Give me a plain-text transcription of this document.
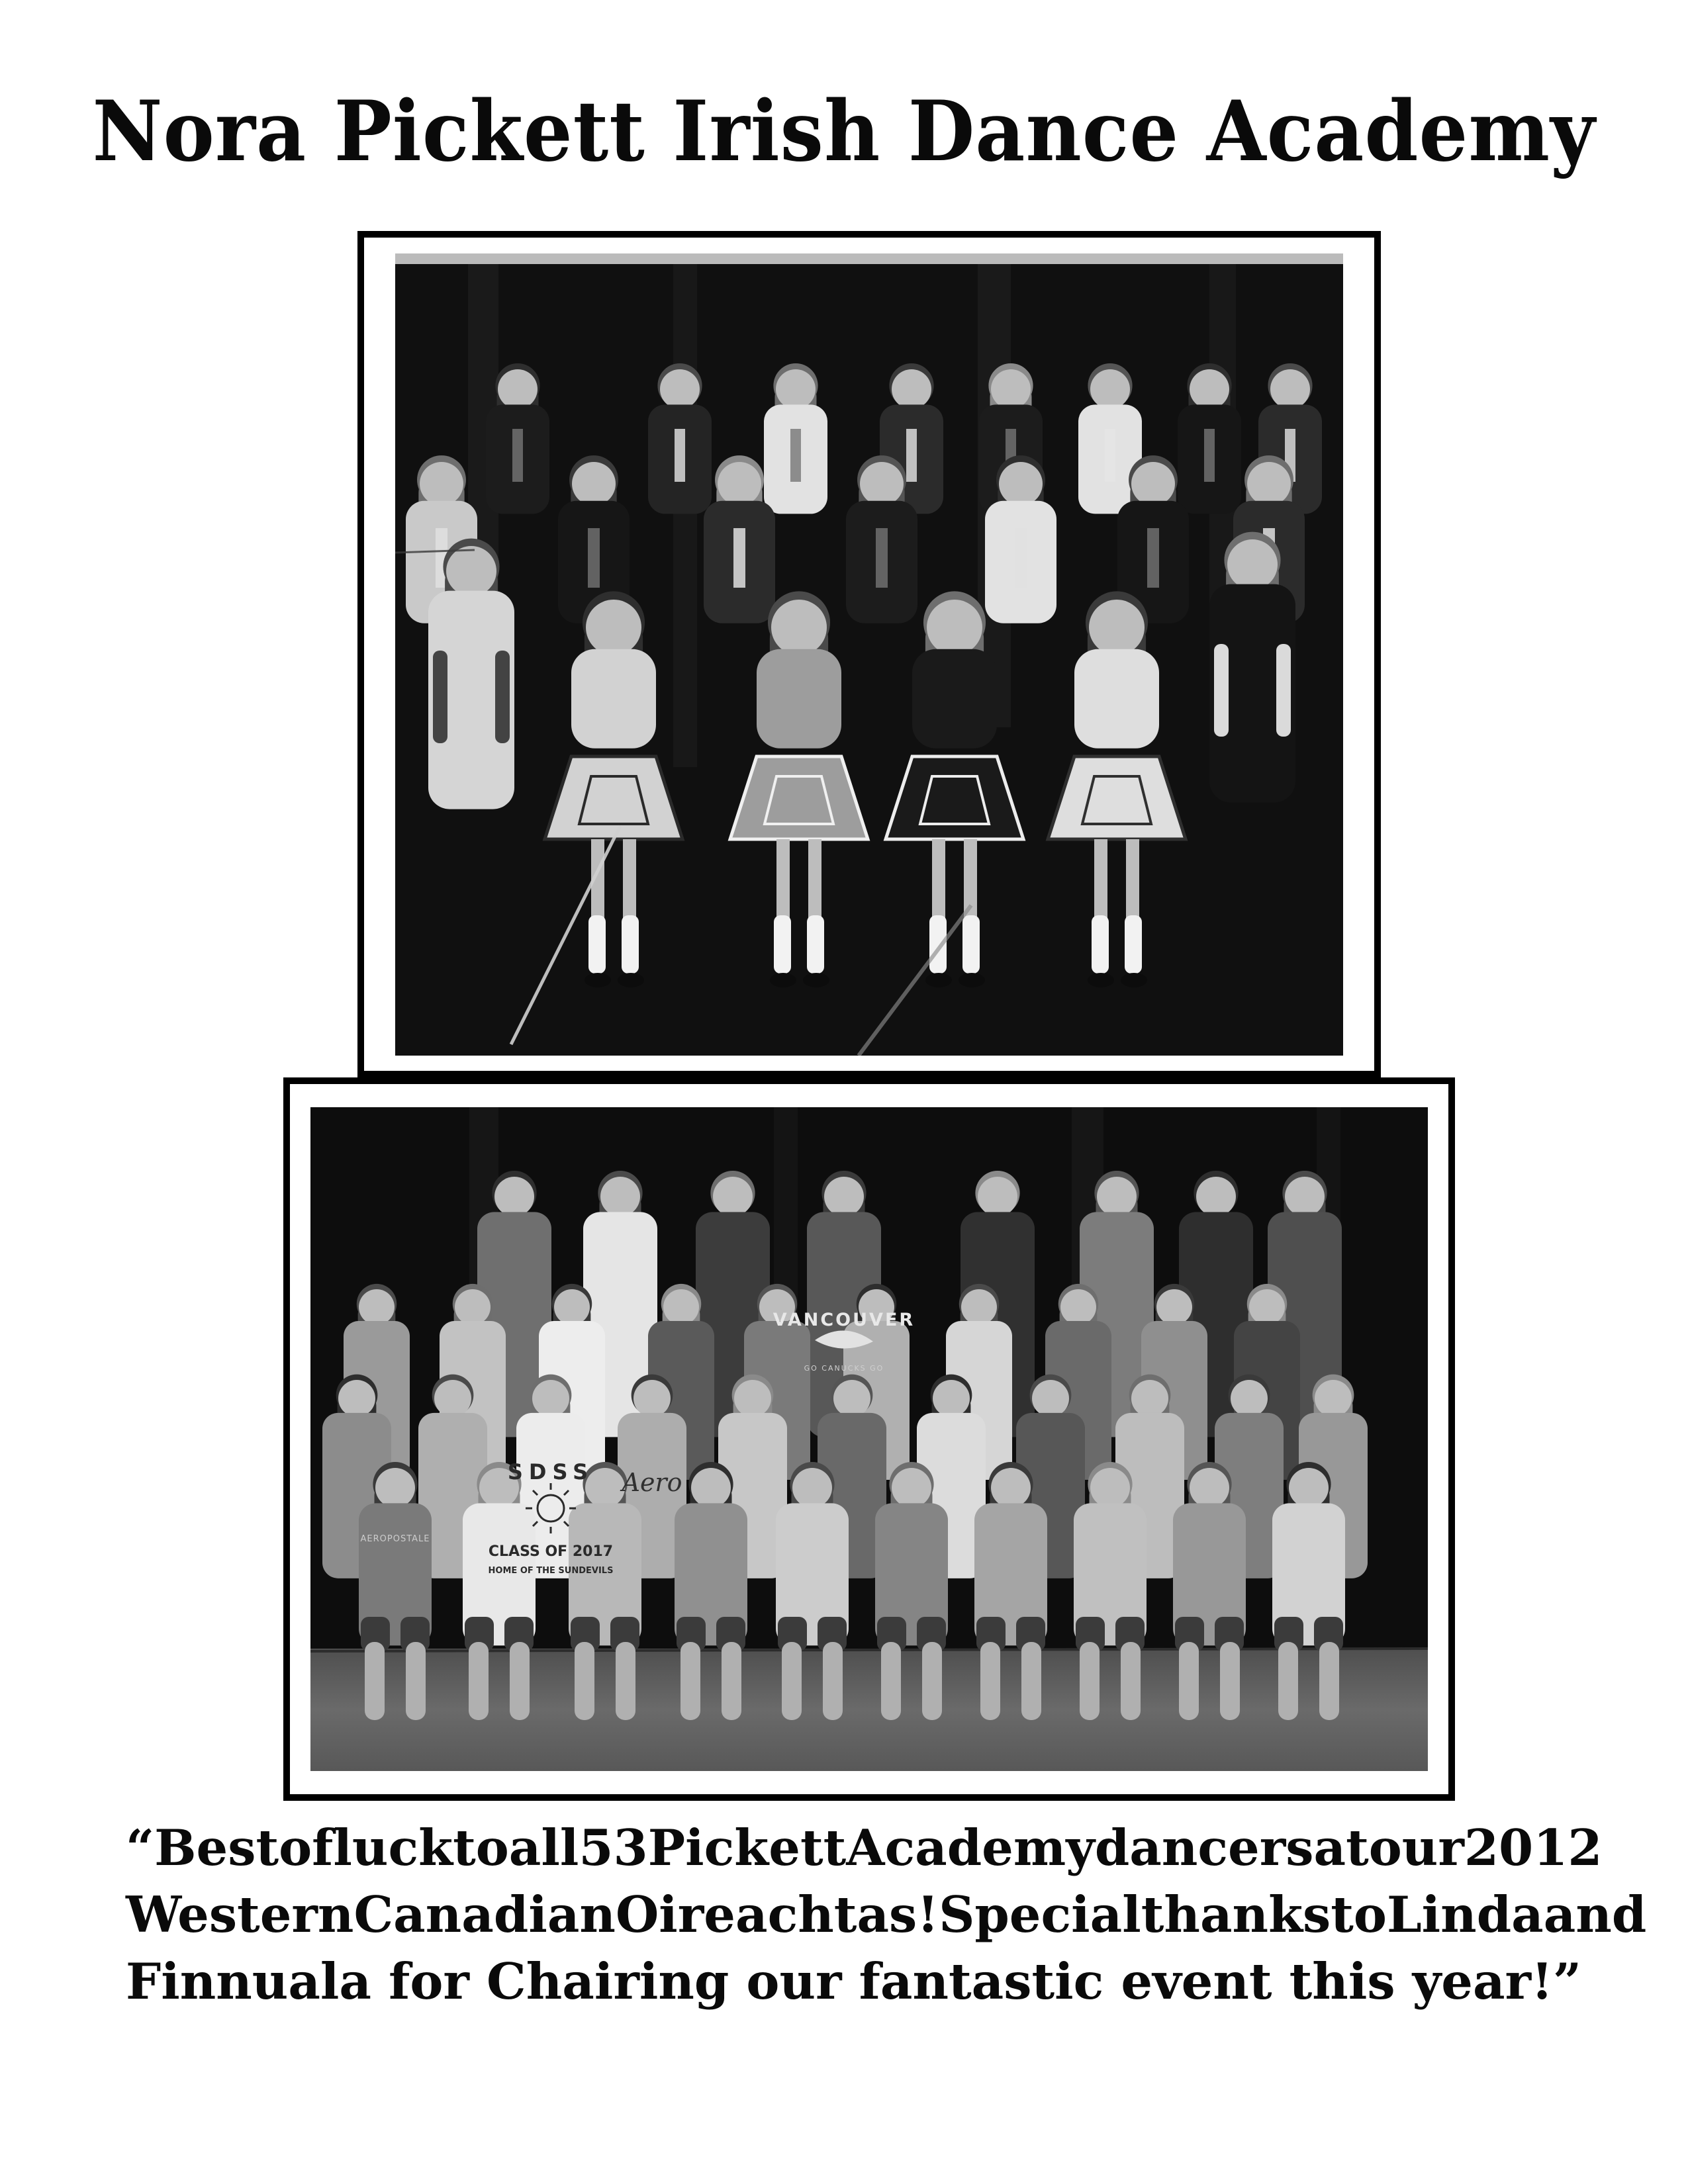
Nora Pickett Irish Dance Academy
VANCOUVER
GO CANUCKS GO
SDSS
CLASS OF 2017
HOME OF THE SUNDEVILS
Aero
AEROPOSTALE
“Best of luck to all 53 Pickett Academy dancers at our 2012
Western Canadian Oireachtas! Special thanks to Linda and
Finnuala for Chairing our fantastic event this year!”
